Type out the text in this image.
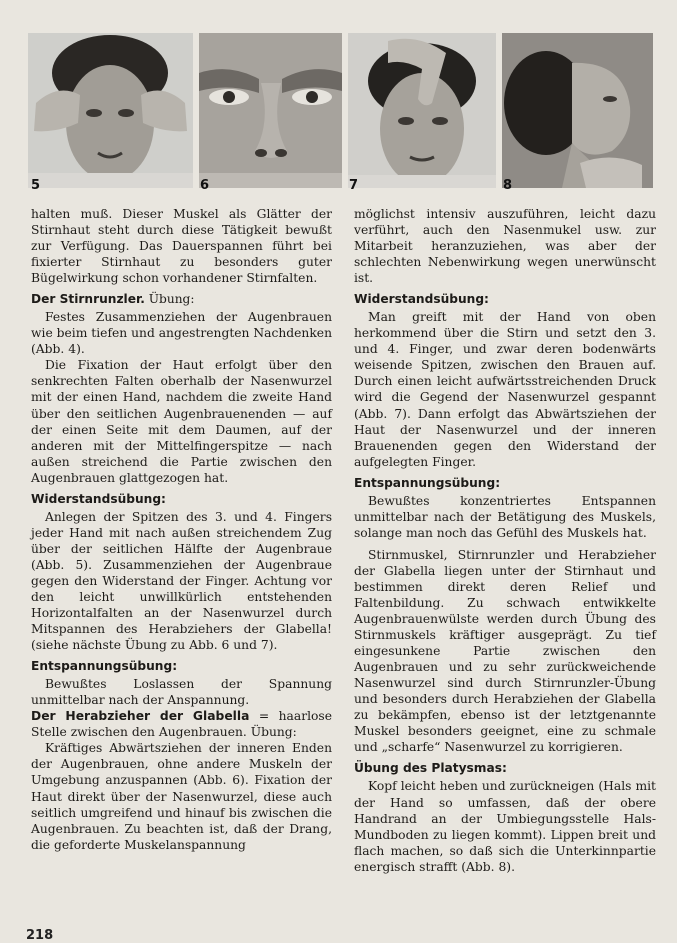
5	6	7	8

halten muß. Dieser Muskel als Glätter der Stirnhaut steht durch diese Tätigkeit bewußt zur Verfügung. Das Dauerspannen führt bei fixierter Stirnhaut zu besonders guter Bügelwirkung schon vorhandener Stirnfalten.

Der Stirnrunzler. Übung:

Festes Zusammenziehen der Augenbrauen wie beim tiefen und angestrengten Nachdenken (Abb. 4).

Die Fixation der Haut erfolgt über den senkrechten Falten oberhalb der Nasenwurzel mit der einen Hand, nachdem die zweite Hand über den seitlichen Augenbrauenenden — auf der einen Seite mit dem Daumen, auf der anderen mit der Mittelfingerspitze — nach außen streichend die Partie zwischen den Augenbrauen glattgezogen hat.

Widerstandsübung:

Anlegen der Spitzen des 3. und 4. Fingers jeder Hand mit nach außen streichendem Zug über der seitlichen Hälfte der Augenbraue (Abb. 5). Zusammenziehen der Augenbraue gegen den Widerstand der Finger. Achtung vor den leicht unwillkürlich entstehenden Horizontalfalten an der Nasenwurzel durch Mitspannen des Herabziehers der Glabella! (siehe nächste Übung zu Abb. 6 und 7).

Entspannungsübung:

Bewußtes Loslassen der Spannung unmittelbar nach der Anspannung.

Der Herabzieher der Glabella = haarlose Stelle zwischen den Augenbrauen. Übung:

Kräftiges Abwärtsziehen der inneren Enden der Augenbrauen, ohne andere Muskeln der Umgebung anzuspannen (Abb. 6). Fixation der Haut direkt über der Nasenwurzel, diese auch seitlich umgreifend und hinauf bis zwischen die Augenbrauen. Zu beachten ist, daß der Drang, die geforderte Muskelanspannung

möglichst intensiv auszuführen, leicht dazu verführt, auch den Nasenmukel usw. zur Mitarbeit heranzuziehen, was aber der schlechten Nebenwirkung wegen unerwünscht ist.

Widerstandsübung:

Man greift mit der Hand von oben herkommend über die Stirn und setzt den 3. und 4. Finger, und zwar deren bodenwärts weisende Spitzen, zwischen den Brauen auf. Durch einen leicht aufwärtsstreichenden Druck wird die Gegend der Nasenwurzel gespannt (Abb. 7). Dann erfolgt das Abwärtsziehen der Haut der Nasenwurzel und der inneren Brauenenden gegen den Widerstand der aufgelegten Finger.

Entspannungsübung:

Bewußtes konzentriertes Entspannen unmittelbar nach der Betätigung des Muskels, solange man noch das Gefühl des Muskels hat.

Stirnmuskel, Stirnrunzler und Herabzieher der Glabella liegen unter der Stirnhaut und bestimmen direkt deren Relief und Faltenbildung. Zu schwach entwikkelte Augenbrauenwülste werden durch Übung des Stirnmuskels kräftiger ausgeprägt. Zu tief eingesunkene Partie zwischen den Augenbrauen und zu sehr zurückweichende Nasenwurzel sind durch Stirnrunzler-Übung und besonders durch Herabziehen der Glabella zu bekämpfen, ebenso ist der letztgenannte Muskel besonders geeignet, eine zu schmale und „scharfe“ Nasenwurzel zu korrigieren.

Übung des Platysmas:

Kopf leicht heben und zurückneigen (Hals mit der Hand so umfassen, daß der obere Handrand an der Umbiegungsstelle Hals-Mundboden zu liegen kommt). Lippen breit und flach machen, so daß sich die Unterkinnpartie energisch strafft (Abb. 8).

218
